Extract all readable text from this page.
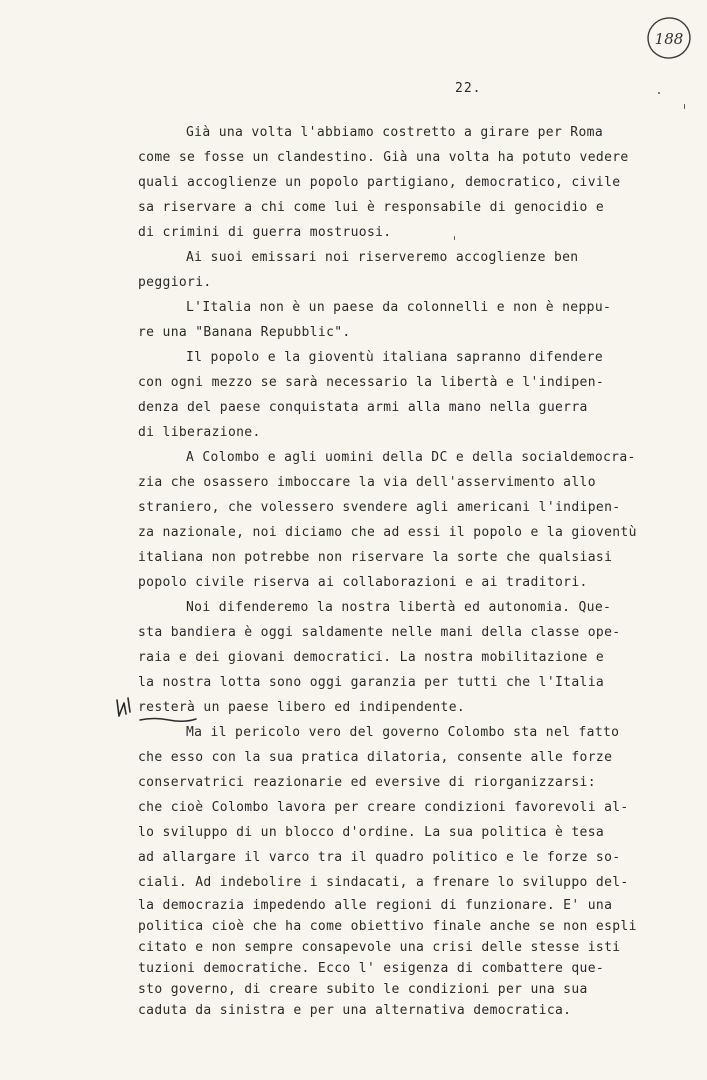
188
22.
Già una volta l'abbiamo costretto a girare per Roma
come se fosse un clandestino. Già una volta ha potuto vedere
quali accoglienze un popolo partigiano, democratico, civile
sa riservare a chi come lui è responsabile di genocidio e
di crimini di guerra mostruosi.
Ai suoi emissari noi riserveremo accoglienze ben
peggiori.
L'Italia non è un paese da colonnelli e non è neppu-
re una "Banana Repubblic".
Il popolo e la gioventù italiana sapranno difendere
con ogni mezzo se sarà necessario la libertà e l'indipen-
denza del paese conquistata armi alla mano nella guerra
di liberazione.
A Colombo e agli uomini della DC e della socialdemocra-
zia che osassero imboccare la via dell'asservimento allo
straniero, che volessero svendere agli americani l'indipen-
za nazionale, noi diciamo che ad essi il popolo e la gioventù
italiana non potrebbe non riservare la sorte che qualsiasi
popolo civile riserva ai collaborazioni e ai traditori.
Noi difenderemo la nostra libertà ed autonomia. Que-
sta bandiera è oggi saldamente nelle mani della classe ope-
raia e dei giovani democratici. La nostra mobilitazione e
la nostra lotta sono oggi garanzia per tutti che l'Italia
resterà un paese libero ed indipendente.
Ma il pericolo vero del governo Colombo sta nel fatto
che esso con la sua pratica dilatoria, consente alle forze
conservatrici reazionarie ed eversive di riorganizzarsi:
che cioè Colombo lavora per creare condizioni favorevoli al-
lo sviluppo di un blocco d'ordine. La sua politica è tesa
ad allargare il varco tra il quadro politico e le forze so-
ciali. Ad indebolire i sindacati, a frenare lo sviluppo del-
la democrazia impedendo alle regioni di funzionare. E' una
politica cioè che ha come obiettivo finale anche se non espli
citato e non sempre consapevole una crisi delle stesse isti
tuzioni democratiche. Ecco l' esigenza di combattere que-
sto governo, di creare subito le condizioni per una sua
caduta da sinistra e per una alternativa democratica.
